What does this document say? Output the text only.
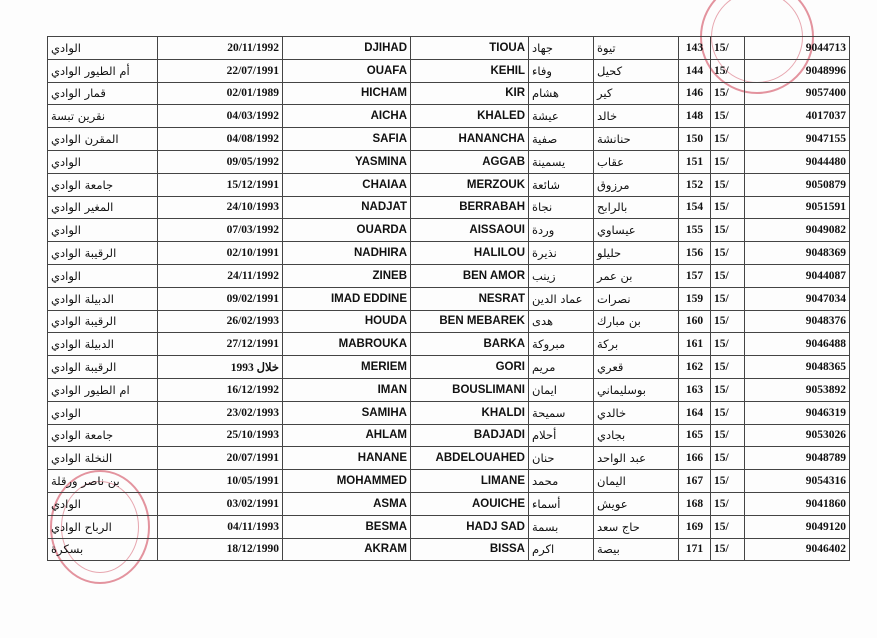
الوادي	20/11/1992	DJIHAD	TIOUA	جهاد	تيوة	143	15/	9044713
أم الطيور الوادي	22/07/1991	OUAFA	KEHIL	وفاء	كحيل	144	15/	9048996
قمار الوادي	02/01/1989	HICHAM	KIR	هشام	كير	146	15/	9057400
نقرين تبسة	04/03/1992	AICHA	KHALED	عيشة	خالد	148	15/	4017037
المقرن الوادي	04/08/1992	SAFIA	HANANCHA	صفية	حنانشة	150	15/	9047155
الوادي	09/05/1992	YASMINA	AGGAB	يسمينة	عقاب	151	15/	9044480
جامعة الوادي	15/12/1991	CHAIAA	MERZOUK	شائعة	مرزوق	152	15/	9050879
المغير الوادي	24/10/1993	NADJAT	BERRABAH	نجاة	بالرابح	154	15/	9051591
الوادي	07/03/1992	OUARDA	AISSAOUI	وردة	عيساوي	155	15/	9049082
الرقيبة الوادي	02/10/1991	NADHIRA	HALILOU	نذيرة	حليلو	156	15/	9048369
الوادي	24/11/1992	ZINEB	BEN AMOR	زينب	بن عمر	157	15/	9044087
الدبيلة الوادي	09/02/1991	IMAD EDDINE	NESRAT	عماد الدين	نصرات	159	15/	9047034
الرقيبة الوادي	26/02/1993	HOUDA	BEN MEBAREK	هدى	بن مبارك	160	15/	9048376
الدبيلة الوادي	27/12/1991	MABROUKA	BARKA	مبروكة	بركة	161	15/	9046488
الرقيبة الوادي	خلال 1993	MERIEM	GORI	مريم	قعري	162	15/	9048365
ام الطيور الوادي	16/12/1992	IMAN	BOUSLIMANI	ايمان	بوسليماني	163	15/	9053892
الوادي	23/02/1993	SAMIHA	KHALDI	سميحة	خالدي	164	15/	9046319
جامعة الوادي	25/10/1993	AHLAM	BADJADI	أحلام	بجادي	165	15/	9053026
النخلة الوادي	20/07/1991	HANANE	ABDELOUAHED	حنان	عبد الواحد	166	15/	9048789
بن ناصر ورقلة	10/05/1991	MOHAMMED	LIMANE	محمد	اليمان	167	15/	9054316
الوادي	03/02/1991	ASMA	AOUICHE	أسماء	عويش	168	15/	9041860
الرباح الوادي	04/11/1993	BESMA	HADJ SAD	بسمة	حاج سعد	169	15/	9049120
بسكرة	18/12/1990	AKRAM	BISSA	اكرم	بيصة	171	15/	9046402
